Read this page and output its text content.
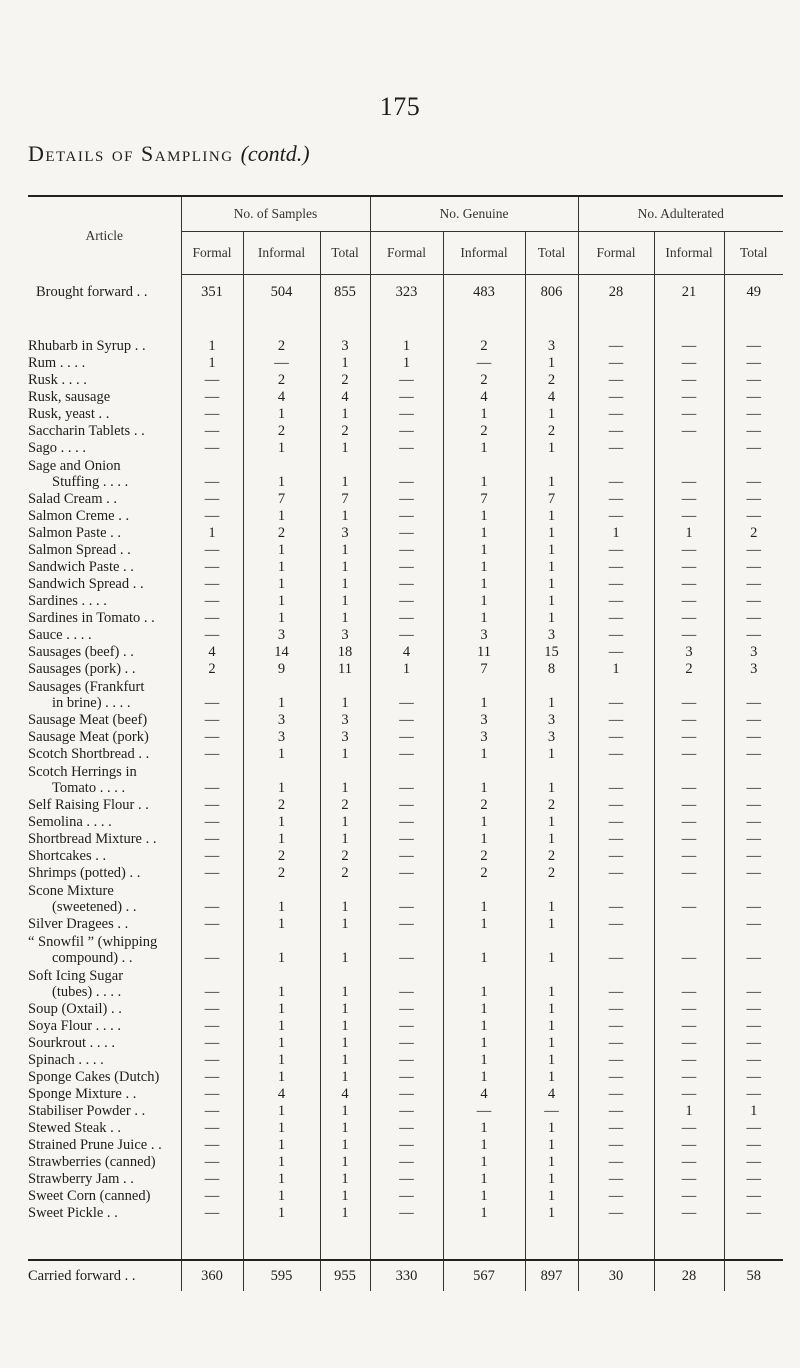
175
Details of Sampling (contd.)
Article	No. of Samples			No. Genuine			No. Adulterated		
	Formal	Informal	Total	Formal	Informal	Total	Formal	Informal	Total
Brought forward . .	351	504	855	323	483	806	28	21	49

Rhubarb in Syrup . .	1	2	3	1	2	3	—	—	—

Rum . . . .	1	—	1	1	—	1	—	—	—

Rusk . . . .	—	2	2	—	2	2	—	—	—

Rusk, sausage	—	4	4	—	4	4	—	—	—

Rusk, yeast . .	—	1	1	—	1	1	—	—	—

Saccharin Tablets . .	—	2	2	—	2	2	—	—	—

Sago . . . .	—	1	1	—	1	1	—		—

Sage and Onion
Stuffing . . . .	—	1	1	—	1	1	—	—	—

Salad Cream . .	—	7	7	—	7	7	—	—	—

Salmon Creme . .	—	1	1	—	1	1	—	—	—

Salmon Paste . .	1	2	3	—	1	1	1	1	2

Salmon Spread . .	—	1	1	—	1	1	—	—	—

Sandwich Paste . .	—	1	1	—	1	1	—	—	—

Sandwich Spread . .	—	1	1	—	1	1	—	—	—

Sardines . . . .	—	1	1	—	1	1	—	—	—

Sardines in Tomato . .	—	1	1	—	1	1	—	—	—

Sauce . . . .	—	3	3	—	3	3	—	—	—

Sausages (beef) . .	4	14	18	4	11	15	—	3	3

Sausages (pork) . .	2	9	11	1	7	8	1	2	3

Sausages (Frankfurt
in brine) . . . .	—	1	1	—	1	1	—	—	—

Sausage Meat (beef)	—	3	3	—	3	3	—	—	—

Sausage Meat (pork)	—	3	3	—	3	3	—	—	—

Scotch Shortbread . .	—	1	1	—	1	1	—	—	—

Scotch Herrings in
Tomato . . . .	—	1	1	—	1	1	—	—	—

Self Raising Flour . .	—	2	2	—	2	2	—	—	—

Semolina . . . .	—	1	1	—	1	1	—	—	—

Shortbread Mixture . .	—	1	1	—	1	1	—	—	—

Shortcakes . .	—	2	2	—	2	2	—	—	—

Shrimps (potted) . .	—	2	2	—	2	2	—	—	—

Scone Mixture
(sweetened) . .	—	1	1	—	1	1	—	—	—

Silver Dragees . .	—	1	1	—	1	1	—		—

“ Snowfil ” (whipping
compound) . .	—	1	1	—	1	1	—	—	—

Soft Icing Sugar
(tubes) . . . .	—	1	1	—	1	1	—	—	—

Soup (Oxtail) . .	—	1	1	—	1	1	—	—	—

Soya Flour . . . .	—	1	1	—	1	1	—	—	—

Sourkrout . . . .	—	1	1	—	1	1	—	—	—

Spinach . . . .	—	1	1	—	1	1	—	—	—

Sponge Cakes (Dutch)	—	1	1	—	1	1	—	—	—

Sponge Mixture . .	—	4	4	—	4	4	—	—	—

Stabiliser Powder . .	—	1	1	—	—	—	—	1	1

Stewed Steak . .	—	1	1	—	1	1	—	—	—

Strained Prune Juice . .	—	1	1	—	1	1	—	—	—

Strawberries (canned)	—	1	1	—	1	1	—	—	—

Strawberry Jam . .	—	1	1	—	1	1	—	—	—

Sweet Corn (canned)	—	1	1	—	1	1	—	—	—

Sweet Pickle . .	—	1	1	—	1	1	—	—	—

Carried forward . .	360	595	955	330	567	897	30	28	58
